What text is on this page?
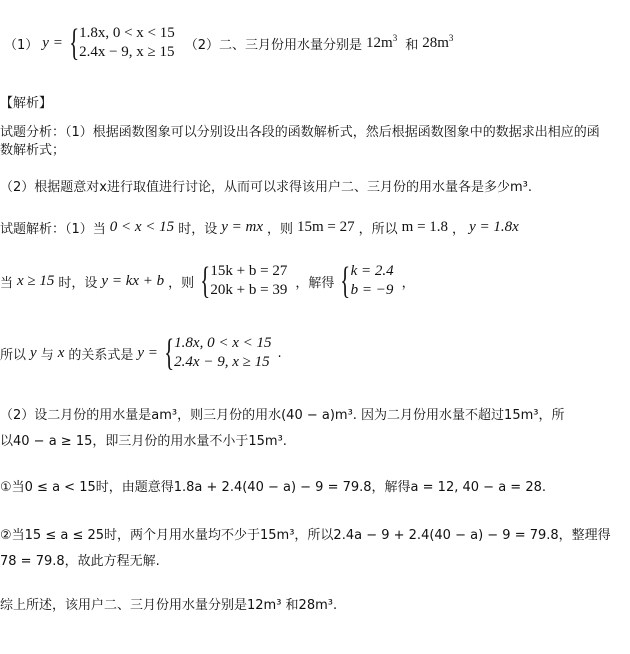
（1） y = { 1.8x, 0 < x < 15
2.4x − 9, x ≥ 15 （2）二、三月份用水量分别是 $12m^3$ 和 $28m^3$
【解析】
试题分析：（1）根据函数图象可以分别设出各段的函数解析式，然后根据函数图象中的数据求出相应的函数解析式；
（2）根据题意对x进行取值进行讨论，从而可以求得该用户二、三月份的用水量各是多少m³.
试题解析：（1）当 0 < x < 15 时，设 y = mx ，则 15m = 27 ，所以 m = 1.8 ， y = 1.8x
当 x ≥ 15 时，设 y = kx + b ，则 { 15k + b = 27
20k + b = 39 ，解得 { k = 2.4
b = −9 ，
所以 y 与 x 的关系式是 y = { 1.8x, 0 < x < 15
2.4x − 9, x ≥ 15
.
（2）设二月份的用水量是am³，则三月份的用水(40 − a)m³. 因为二月份用水量不超过15m³，所
以40 − a ≥ 15，即三月份的用水量不小于15m³.
①当0 ≤ a < 15时，由题意得1.8a + 2.4(40 − a) − 9 = 79.8，解得a = 12, 40 − a = 28.
②当15 ≤ a ≤ 25时，两个月用水量均不少于15m³，所以2.4a − 9 + 2.4(40 − a) − 9 = 79.8，整理得
78 = 79.8，故此方程无解.
综上所述，该用户二、三月份用水量分别是12m³ 和28m³.
